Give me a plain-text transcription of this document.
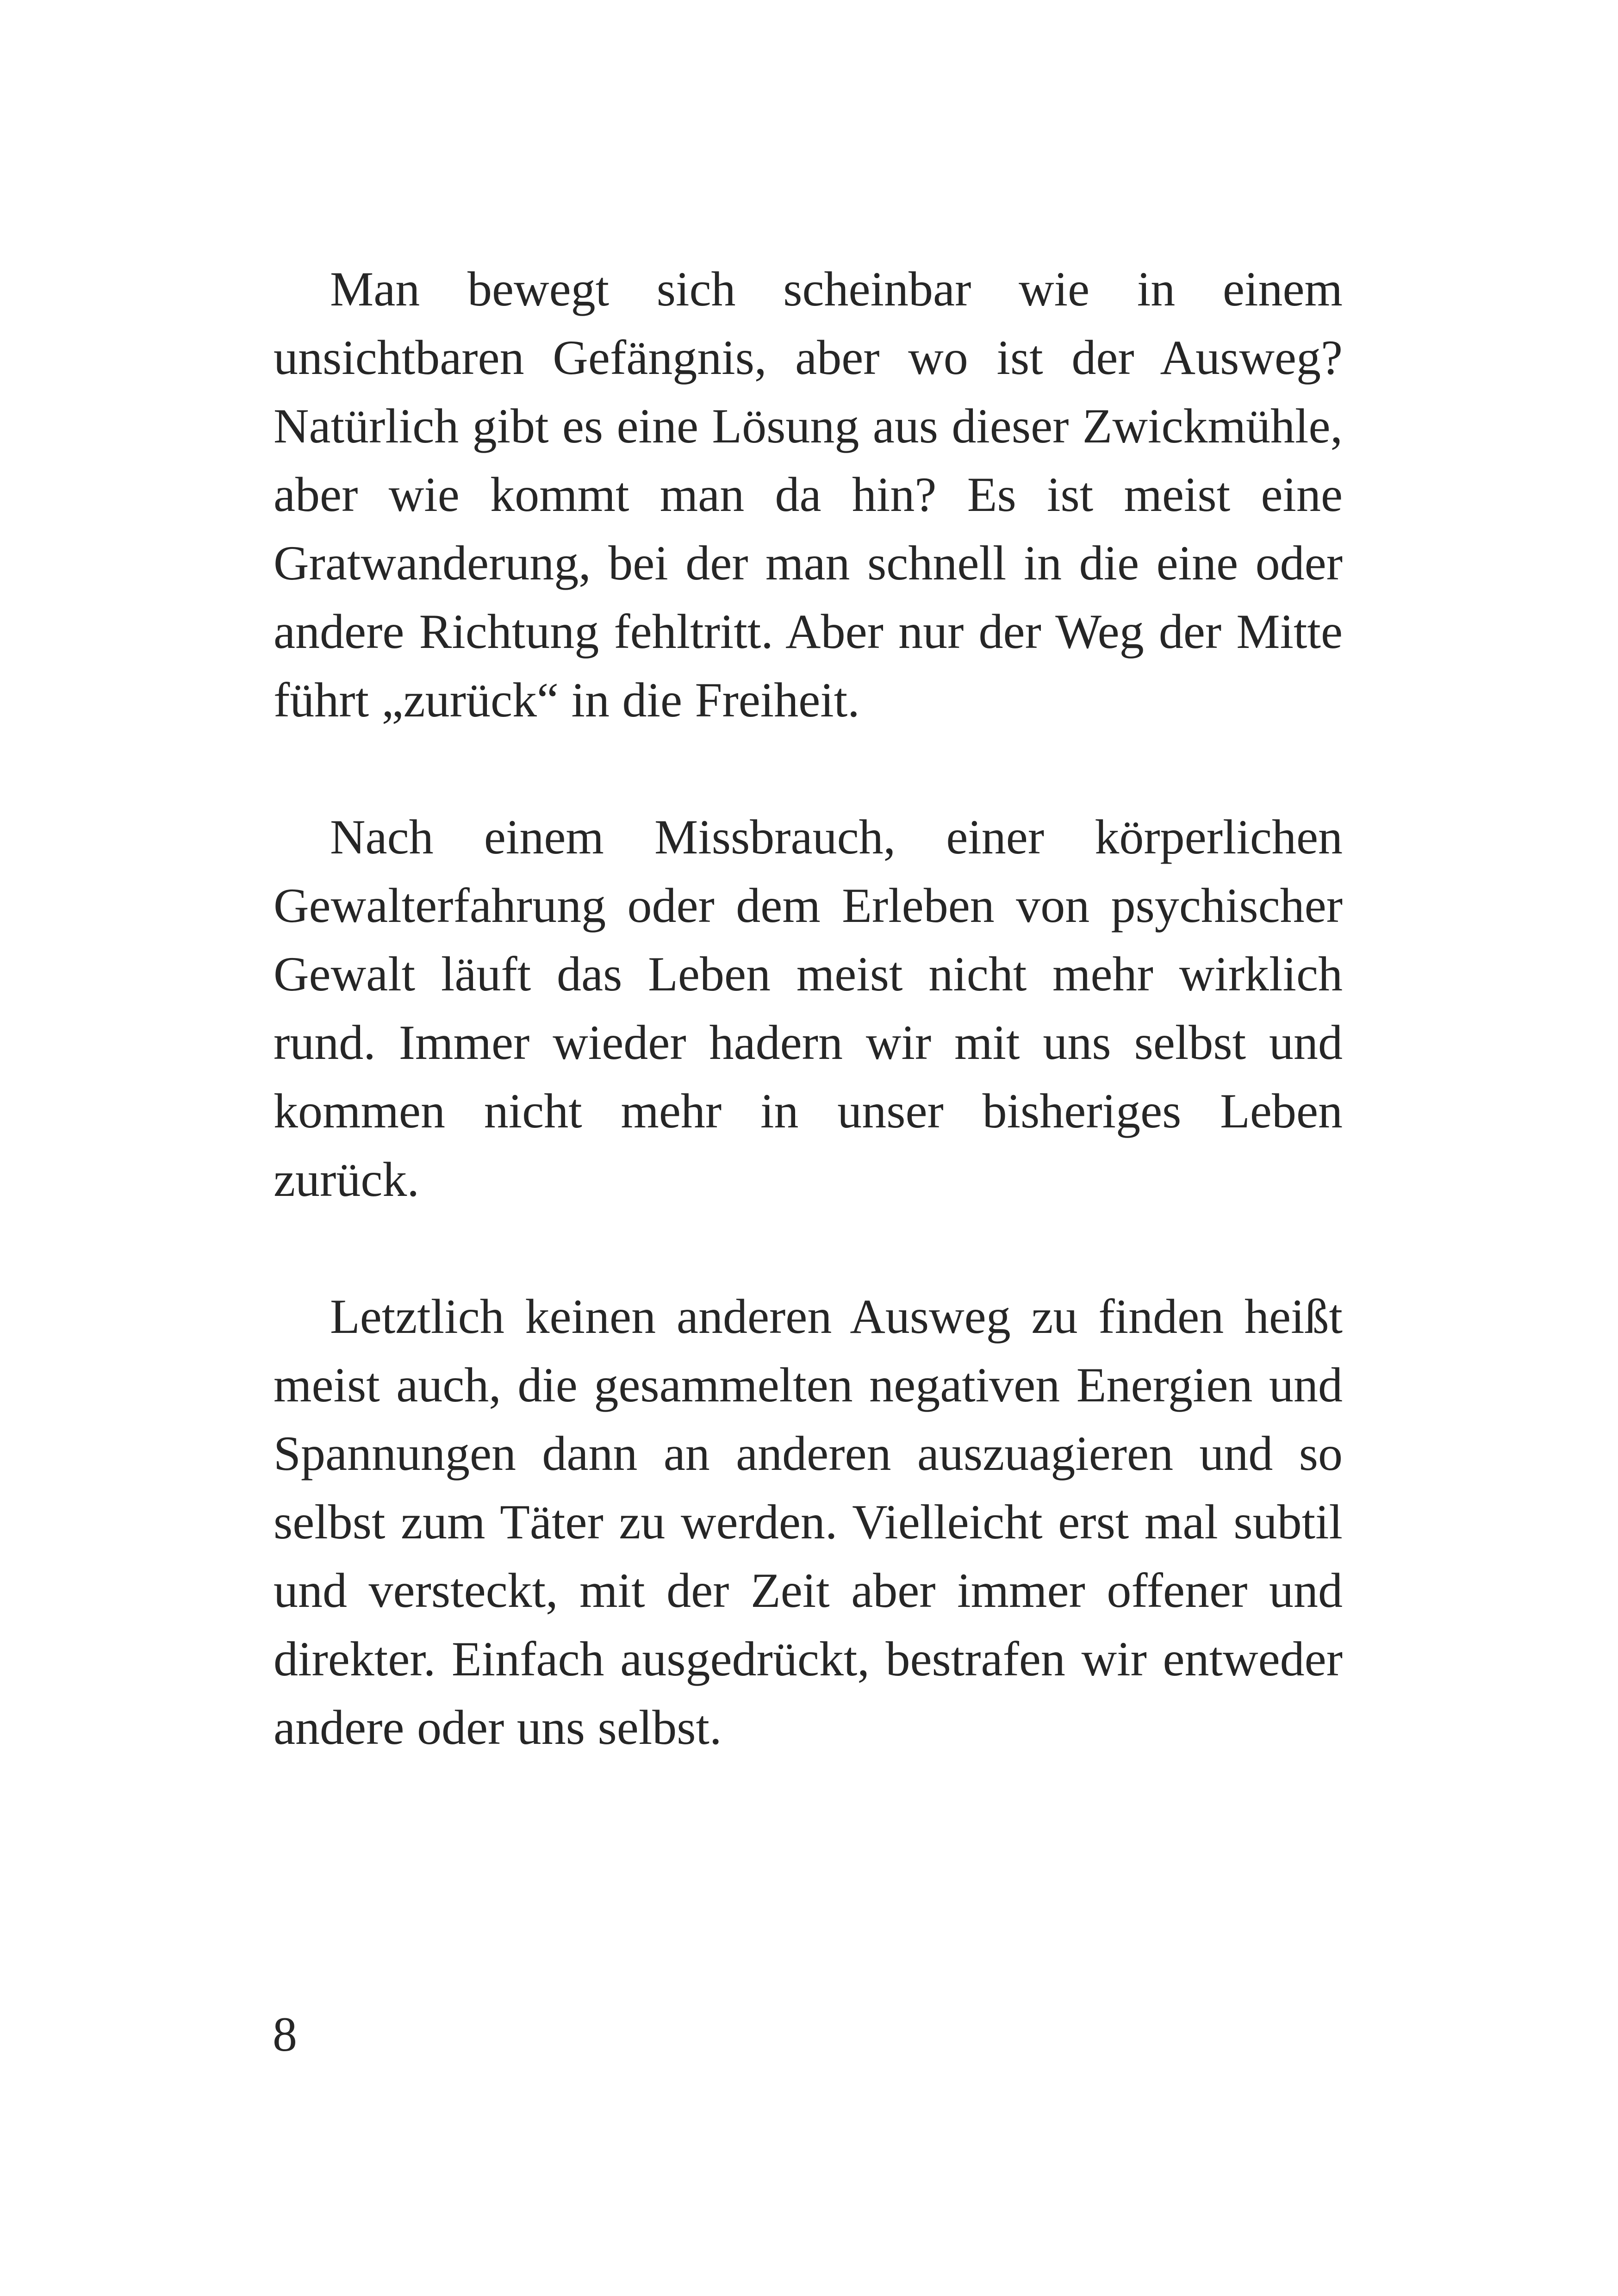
Man bewegt sich scheinbar wie in einem unsichtbaren Gefängnis, aber wo ist der Ausweg? Natürlich gibt es eine Lösung aus dieser Zwickmühle, aber wie kommt man da hin? Es ist meist eine Gratwanderung, bei der man schnell in die eine oder andere Richtung fehltritt. Aber nur der Weg der Mitte führt „zurück“ in die Freiheit.

Nach einem Missbrauch, einer körperlichen Gewalterfahrung oder dem Erleben von psychischer Gewalt läuft das Leben meist nicht mehr wirklich rund. Immer wieder hadern wir mit uns selbst und kommen nicht mehr in unser bisheriges Leben zurück.

Letztlich keinen anderen Ausweg zu finden heißt meist auch, die gesammelten negativen Energien und Spannungen dann an anderen auszuagieren und so selbst zum Täter zu werden. Vielleicht erst mal subtil und versteckt, mit der Zeit aber immer offener und direkter. Einfach ausgedrückt, bestrafen wir entweder andere oder uns selbst.

8
